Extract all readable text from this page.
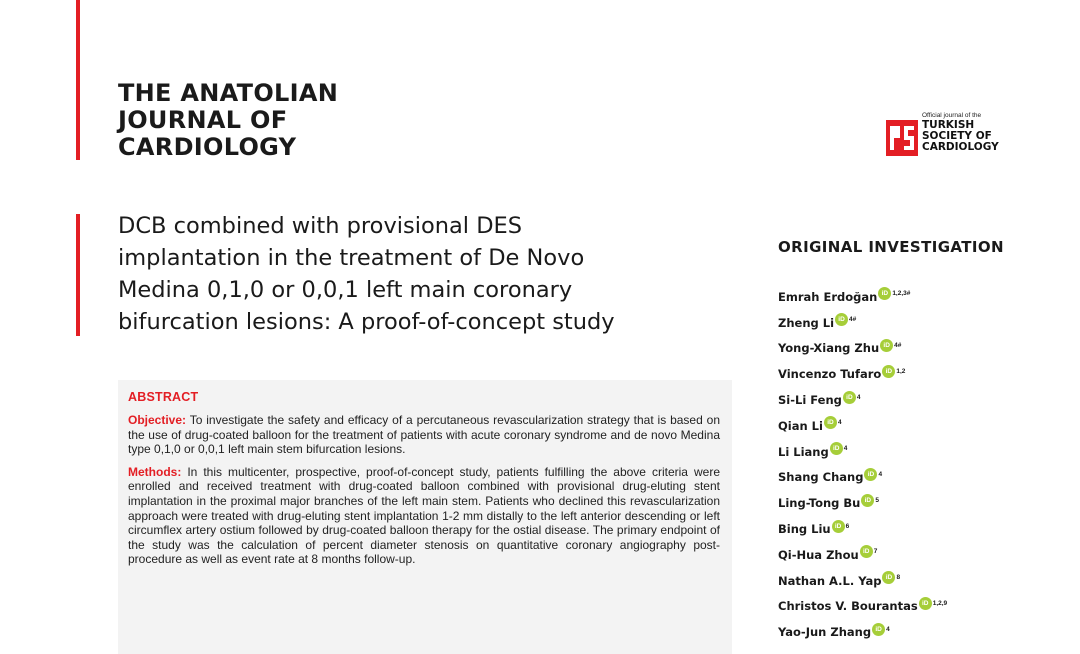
THE ANATOLIAN
JOURNAL OF
CARDIOLOGY
Official journal of the
TURKISH
SOCIETY OF
CARDIOLOGY
DCB combined with provisional DES
implantation in the treatment of De Novo
Medina 0,1,0 or 0,0,1 left main coronary
bifurcation lesions: A proof-of-concept study
ABSTRACT

Objective: To investigate the safety and efficacy of a percutaneous revascularization strategy that is based on the use of drug-coated balloon for the treatment of patients with acute coronary syndrome and de novo Medina type 0,1,0 or 0,0,1 left main stem bifurcation lesions.

Methods: In this multicenter, prospective, proof-of-concept study, patients fulfilling the above criteria were enrolled and received treatment with drug-coated balloon combined with provisional drug-eluting stent implantation in the proximal major branches of the left main stem. Patients who declined this revascularization approach were treated with drug-eluting stent implantation 1-2 mm distally to the left anterior descending or left circumflex artery ostium followed by drug-coated balloon therapy for the ostial disease. The primary endpoint of the study was the calculation of percent diameter stenosis on quantitative coronary angiography post-procedure as well as event rate at 8 months follow-up.

ORIGINAL INVESTIGATION
Emrah Erdoğan iD 1,2,3#
Zheng Li iD 4#
Yong-Xiang Zhu iD 4#
Vincenzo Tufaro iD 1,2
Si-Li Feng iD 4
Qian Li iD 4
Li Liang iD 4
Shang Chang iD 4
Ling-Tong Bu iD 5
Bing Liu iD 6
Qi-Hua Zhou iD 7
Nathan A.L. Yap iD 8
Christos V. Bourantas iD 1,2,9
Yao-Jun Zhang iD 4
